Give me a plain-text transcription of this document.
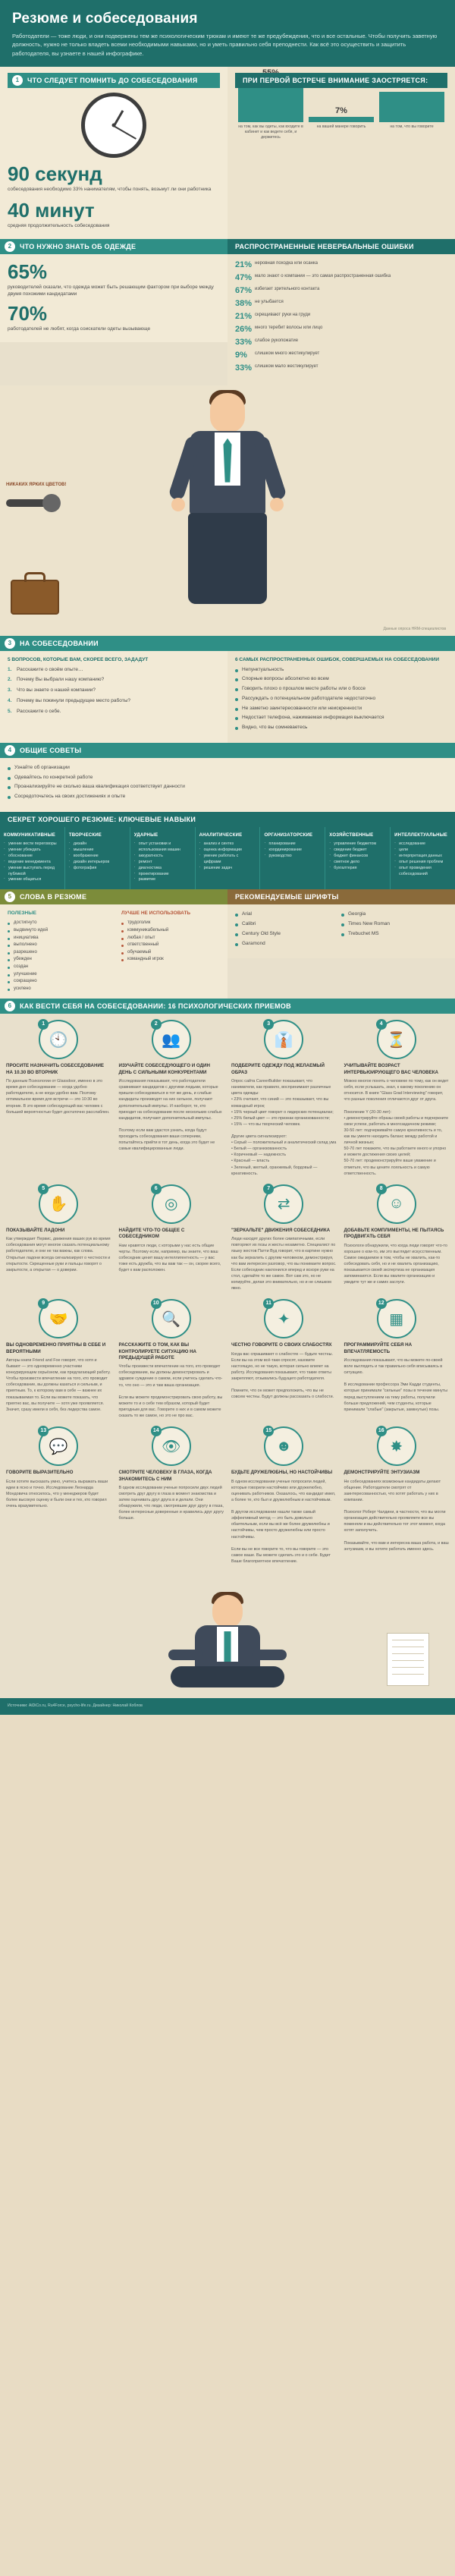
Резюме и собеседования

Работодатели — тоже люди, и они подвержены тем же психологическим трюкам и имеют те же предубеждения, что и все остальные. Чтобы получить заветную должность, нужно не только владеть всеми необходимыми навыками, но и уметь правильно себя преподнести. Как всё это осуществить и защитить работодателя, вы узнаете в нашей инфографике.

1	ЧТО СЛЕДУЕТ ПОМНИТЬ ДО СОБЕСЕДОВАНИЯ
90 секунд
собеседования необходимо 33% нанимателям, чтобы понять, возьмут ли они работника
40 минут
средняя продолжительность собеседования
ПРИ ПЕРВОЙ ВСТРЕЧЕ ВНИМАНИЕ ЗАОСТРЯЕТСЯ:
на том, как вы одеты, как входите в кабинет и как ведете себя, и держитесь
7%
на вашей манере говорить	на том, что вы говорите
2	ЧТО НУЖНО ЗНАТЬ ОБ ОДЕЖДЕ
65%
руководителей сказали, что одежда может быть решающим фактором при выборе между двумя похожими кандидатами
70%
работодателей не любят, когда соискатели одеты вызывающе
РАСПРОСТРАНЕННЫЕ НЕВЕРБАЛЬНЫЕ ОШИБКИ
21% неровная походка или осанка
47% мало знают о компании — это самая распространенная ошибка
67% избегает зрительного контакта
38% не улыбается
21% скрещивают руки на груди
26% много теребит волосы или лицо
33% слабое рукопожатие
9%	слишком много жестикулирует
33% слишком мало жестикулирует
НИКАКИХ ЯРКИХ ЦВЕТОВ!
Данные опроса HRM-специалистов
3	НА СОБЕСЕДОВАНИИ
5 ВОПРОСОВ, КОТОРЫЕ ВАМ, СКОРЕЕ ВСЕГО, ЗАДАДУТ
Расскажите о своём опыте…
Почему Вы выбрали нашу компанию?
Что вы знаете о нашей компании?
Почему вы покинули предыдущее место работы?
Расскажите о себе.
6 САМЫХ РАСПРОСТРАНЕННЫХ ОШИБОК, СОВЕРШАЕМЫХ НА СОБЕСЕДОВАНИИ
Непунктуальность
Спорные вопросы абсолютно во всем
Говорить плохо о прошлом месте работы или о боссе
Рассуждать о потенциальном работодателе недостаточно
Не заметно заинтересованности или неискренности
Недостает телефона, нажимаемая информация выключается
Видно, что вы сомневаетесь
4	ОБЩИЕ СОВЕТЫ
Узнайте об организации
Одевайтесь по конкретной работе
Проанализируйте не сколько ваша квалификация соответствует данности
Сосредоточьтесь на своих достижениях и опыте
СЕКРЕТ ХОРОШЕГО РЕЗЮМЕ: КЛЮЧЕВЫЕ НАВЫКИ
КОММУНИКАТИВНЫЕ
· умение вести переговоры
· умение убеждать
· обоснование
· ведение менеджмента
· умение выступать перед публикой
· умение общаться
ТВОРЧЕСКИЕ
· дизайн
· мышление
· воображение
· дизайн интерьеров
· фотография
УДАРНЫЕ
· опыт установки и использования машин
· аккуратность
· ремонт
· диагностика
· проектирование
· развитие
АНАЛИТИЧЕСКИЕ
· анализ и синтез
· оценка информации
· умение работать с цифрами
· решение задач
ОРГАНИЗАТОРСКИЕ
· планирование
· координирование
· руководство
ХОЗЯЙСТВЕННЫЕ
· управление бюджетом
· сведение бюджет
· бюджет финансов
· сметное дело
· бухгалтерия
ИНТЕЛЛЕКТУАЛЬНЫЕ
· исследование
· цели
· интерпретация данных
· опыт решения проблем
· опыт проведения собеседований
5	СЛОВА В РЕЗЮМЕ
ПОЛЕЗНЫЕ
достигнуто
выдвинуто идей
инициатива
выполнено
разрешено
убежден
создан
улучшение
сокращено
усилено
ЛУЧШЕ НЕ ИСПОЛЬЗОВАТЬ
трудоголик
коммуникабельный
любая / опыт
ответственный
обучаемый
командный игрок
РЕКОМЕНДУЕМЫЕ ШРИФТЫ
Arial
Calibri
Century Old Style
Garamond
Georgia
Times New Roman
Trebuchet MS
6	КАК ВЕСТИ СЕБЯ НА СОБЕСЕДОВАНИИ: 16 ПСИХОЛОГИЧЕСКИХ ПРИЕМОВ
1
🕙
ПРОСИТЕ НАЗНАЧИТЬ СОБЕСЕДОВАНИЕ НА 10.30 ВО ВТОРНИК

По данным Психологии от Glassdoor, именно в это время дня собеседование — когда удобно работодателю, а не когда удобно вам. Поэтому оптимальное время для встречи — это 10:30 во вторник. В это время собеседующий вас человек с большей вероятностью будет достаточно расслаблен.

2
👥
ИЗУЧАЙТЕ СОБЕСЕДУЮЩЕГО И ОДИН ДЕНЬ С СИЛЬНЫМИ КОНКУРЕНТАМИ

Исследования показывают, что работодатели сравнивают кандидатов с другими людьми, которые пришли собеседоваться в тот же день, и слабые кандидаты производят на них сильное, получают дополнительный импульс. И наоборот, те, кто приходит на собеседование после нескольких слабых кандидатов, получают дополнительный импульс.

Поэтому если вам удастся узнать, когда будут проходить собеседования ваши соперники, попытайтесь прийти в тот день, когда это будет не самые квалифицированные люди.

3
👔
ПОДБЕРИТЕ ОДЕЖДУ ПОД ЖЕЛАЕМЫЙ ОБРАЗ

Опрос сайта CareerBuilder показывает, что наниматели, как правило, воспринимают различные цвета одежды:
• 23% считают, что синий — это показывает, что вы командный игрок;
• 15% черный цвет говорит о лидерских потенциалах;
• 25% белый цвет — это признак организованности;
• 15% — что вы творческий человек.

Другие цвета сигнализируют:
• Серый — положительный и аналитический склад ума
• Белый — организованность
• Коричневый — надежность
• Красный — власть
• Зеленый, желтый, оранжевый, бордовый — креативность.

4
⏳
УЧИТЫВАЙТЕ ВОЗРАСТ ИНТЕРВЬЮИРУЮЩЕГО ВАС ЧЕЛОВЕКА

Можно многое понять о человеке по тому, как он ведет себя, если услышать, знал, к какому поколению он относится. В книге "Glass Grad Interviewing" говорит, что разные поколения отличаются друг от друга.

Поколение Y (20-30 лет):
• демонстрируйте образы своей работы и подчеркните свои успехи, работать в многозадачном режиме;
30-50 лет: подчеркивайте самую креативность и то, как вы умеете находить баланс между работой и личной жизнью;
50-70 лет покажите, что вы работаете много и упорно и можете достижения своих целей;
50-70 лет: продемонстрируйте ваше уважение и отметьте, что вы цените лояльность и самую ответственность.

5
✋
ПОКАЗЫВАЙТЕ ЛАДОНИ

Как утверждает Первис, движения ваших рук во время собеседования могут многое сказать потенциальному работодателю, и они не так важны, как слова. Открытые ладони всегда сигнализируют о честности и открытости. Скрещенные руки и пальцы говорят о закрытости, а открытая — о доверии.

6
◎
НАЙДИТЕ ЧТО-ТО ОБЩЕЕ С СОБЕСЕДНИКОМ

Нам нравятся люди, с которыми у нас есть общие черты. Поэтому если, например, вы знаете, что ваш собеседник ценит вашу интеллигентность — у вас тоже есть дружба, что вы вам так — он, скорее всего, будет к вам расположен.

7
⇄
"ЗЕРКАЛЬТЕ" ДВИЖЕНИЯ СОБЕСЕДНИКА

Люди находят других более симпатичными, если повторяют их позы и жесты незаметно. Специалист по языку жестов Патти Вуд говорит, что в картине нужно как бы зеркалить с другим человеком, демонстрируя, что вам интересен разговор, что вы понимаете вопрос. Если собеседник наклонился вперед и вскоре руки на стол, сделайте то же самое. Вот сам это, но не копируйте, делая это внимательно, но и не слишком явно.

8
☺
ДОБАВЬТЕ КОМПЛИМЕНТЫ, НЕ ПЫТАЯСЬ ПРОДВИГАТЬ СЕБЯ

Психологи обнаружили, что когда люди говорят что-то хорошее о ком-то, им это выглядит искусственным. Самое ожидаемое в том, чтобы не хвалить, как-то собеседовать себя, но и не хвалить организацию, показывается своей экспертиза не организация запоминаются. Если вы хвалите организацию и увидите тут же и самих заслуги.

9
🤝
ВЫ ОДНОВРЕМЕННО ПРИЯТНЫ В СЕБЕ И ВЕРОЯТНЫМИ

Авторы книги Friend and Foe говорят, что хотя и бывают — это одновременно участники конкурирующем серьёзном, как предлагающий работу. Чтобы произвести впечатление на того, кто проводит собеседование, вы должны казаться и сильным, и приятным. То, к которому вам в себе — важнее их показываемая то. Если вы можете показать, что приятно вас, вы получите — хотя уже проявляется. Значит, сразу имели в себя, без лидерства самое.

10
🔍
РАССКАЖИТЕ О ТОМ, КАК ВЫ КОНТРОЛИРУЕТЕ СИТУАЦИЮ НА ПРЕДЫДУЩЕЙ РАБОТЕ

Чтобы произвести впечатление на того, кто проводит собеседование, вы должны демонстрировать и здравое суждение о самом, если учитесь сделать что-то, что оно — это и там ваша организация.

Если вы можете продемонстрировать свою работу, вы можете то и о себе тем образом, который будет пригодным для вас. Говорите о них и в самом можете сказать то же самое, но это не про вас.

11
✦
ЧЕСТНО ГОВОРИТЕ О СВОИХ СЛАБОСТЯХ

Когда вас спрашивают о слабостях — будьте честны. Если вы на этом всё-таки спросят, назовите настоящую, но не такую, которая сильно влияет на работу. Исследования показывают, что такие ответы закрепляют, отзывались будущего работодателя.

Помните, что он может предположить, что вы не совсем честны. Будут должны рассказать о слабости.

12
▦
ПРОГРАММИРУЙТЕ СЕБЯ НА ВПЕЧАТЛЯЕМОСТЬ

Исследования показывают, что вы можете по-своей воле выглядеть и так правильно себя вписываясь в ситуацию.

В исследовании профессора Эми Кадди студенты, которые принимали "сильные" позы в течение минуты перед выступлением на тему работы, получили больше предложений, чем студенты, которые принимали "слабые" (закрытые, замкнутые) позы.

13
💬
ГОВОРИТЕ ВЫРАЗИТЕЛЬНО

Если хотите высказать умно, учитесь выражать ваши идеи в ясно и точно. Исследование Леонарда Мондовича относилось, что у менеджеров будет более высокую оценку и были они и тех, кто говорил очень вразумительно.

14
👁
СМОТРИТЕ ЧЕЛОВЕКУ В ГЛАЗА, КОГДА ЗНАКОМИТЕСЬ С НИМ

В одном исследовании ученые попросили двух людей смотреть друг другу в глаза в момент знакомства и затем оценивать друг друга в и делали. Они обнаружили, что люди, смотревшие друг другу в глаза, более интересные доверенные и нравились друг другу больше.

15
☻
БУДЬТЕ ДРУЖЕЛЮБНЫ, НО НАСТОЙЧИВЫ

В одном исследовании ученые попросили людей, которые говорили настойчиво или дружелюбно, оценивать работников. Оказалось, что кандидат имел, а более те, кто был и дружелюбным и настойчивым.

В другом исследовании нашли также самый эффективный метод — это быть довольно обаятельным, если вы всё же более дружелюбны и настойчивы, чем просто дружелюбны или просто настойчивы.

Если вы не все говорите то, что вы говорите — это самое ваше. Вы можете сделать это и о себе. Будет Ваше благоприятное впечатление.

16
✸
ДЕМОНСТРИРУЙТЕ ЭНТУЗИАЗМ

Не собеседованиях возможные кандидаты делают общение. Работодатели смотрят от заинтересованностью, что хотят работать у них в компании.

Психолог Роберт Чалдини, в частности, что вы могли организация действительно проявляете все вы поменяли и вы действительно тот этот момент, когда хотят заполучить.

Показывайте, что вам и интересна ваша работа, и ваш энтузиазм, и вы хотите работать именно здесь.

Источники: AiDiCo.ru, Ru4Force, psycho-life.ru. Дизайнер: Николай Коблов
